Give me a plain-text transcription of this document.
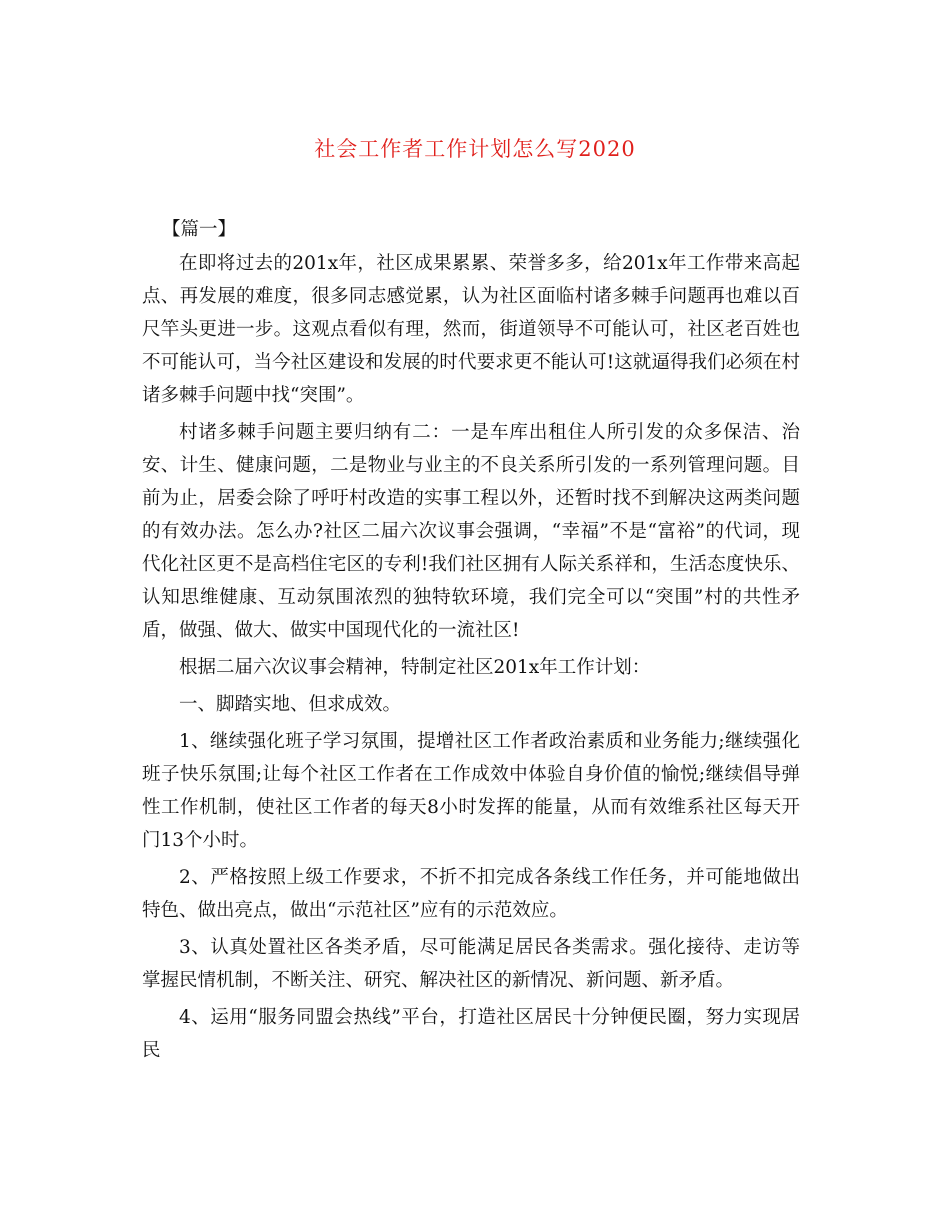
社会工作者工作计划怎么写2020
【篇一】

在即将过去的201x年，社区成果累累、荣誉多多，给201x年工作带来高起点、再发展的难度，很多同志感觉累，认为社区面临村诸多棘手问题再也难以百尺竿头更进一步。这观点看似有理，然而，街道领导不可能认可，社区老百姓也不可能认可，当今社区建设和发展的时代要求更不能认可!这就逼得我们必须在村诸多棘手问题中找“突围”。

村诸多棘手问题主要归纳有二：一是车库出租住人所引发的众多保洁、治安、计生、健康问题，二是物业与业主的不良关系所引发的一系列管理问题。目前为止，居委会除了呼吁村改造的实事工程以外，还暂时找不到解决这两类问题的有效办法。怎么办?社区二届六次议事会强调，“幸福”不是“富裕”的代词，现代化社区更不是高档住宅区的专利!我们社区拥有人际关系祥和，生活态度快乐、认知思维健康、互动氛围浓烈的独特软环境，我们完全可以“突围”村的共性矛盾，做强、做大、做实中国现代化的一流社区!

根据二届六次议事会精神，特制定社区201x年工作计划：

一、脚踏实地、但求成效。

1、继续强化班子学习氛围，提增社区工作者政治素质和业务能力;继续强化班子快乐氛围;让每个社区工作者在工作成效中体验自身价值的愉悦;继续倡导弹性工作机制，使社区工作者的每天8小时发挥的能量，从而有效维系社区每天开门13个小时。

2、严格按照上级工作要求，不折不扣完成各条线工作任务，并可能地做出特色、做出亮点，做出“示范社区”应有的示范效应。

3、认真处置社区各类矛盾，尽可能满足居民各类需求。强化接待、走访等掌握民情机制，不断关注、研究、解决社区的新情况、新问题、新矛盾。

4、运用“服务同盟会热线”平台，打造社区居民十分钟便民圈，努力实现居民
